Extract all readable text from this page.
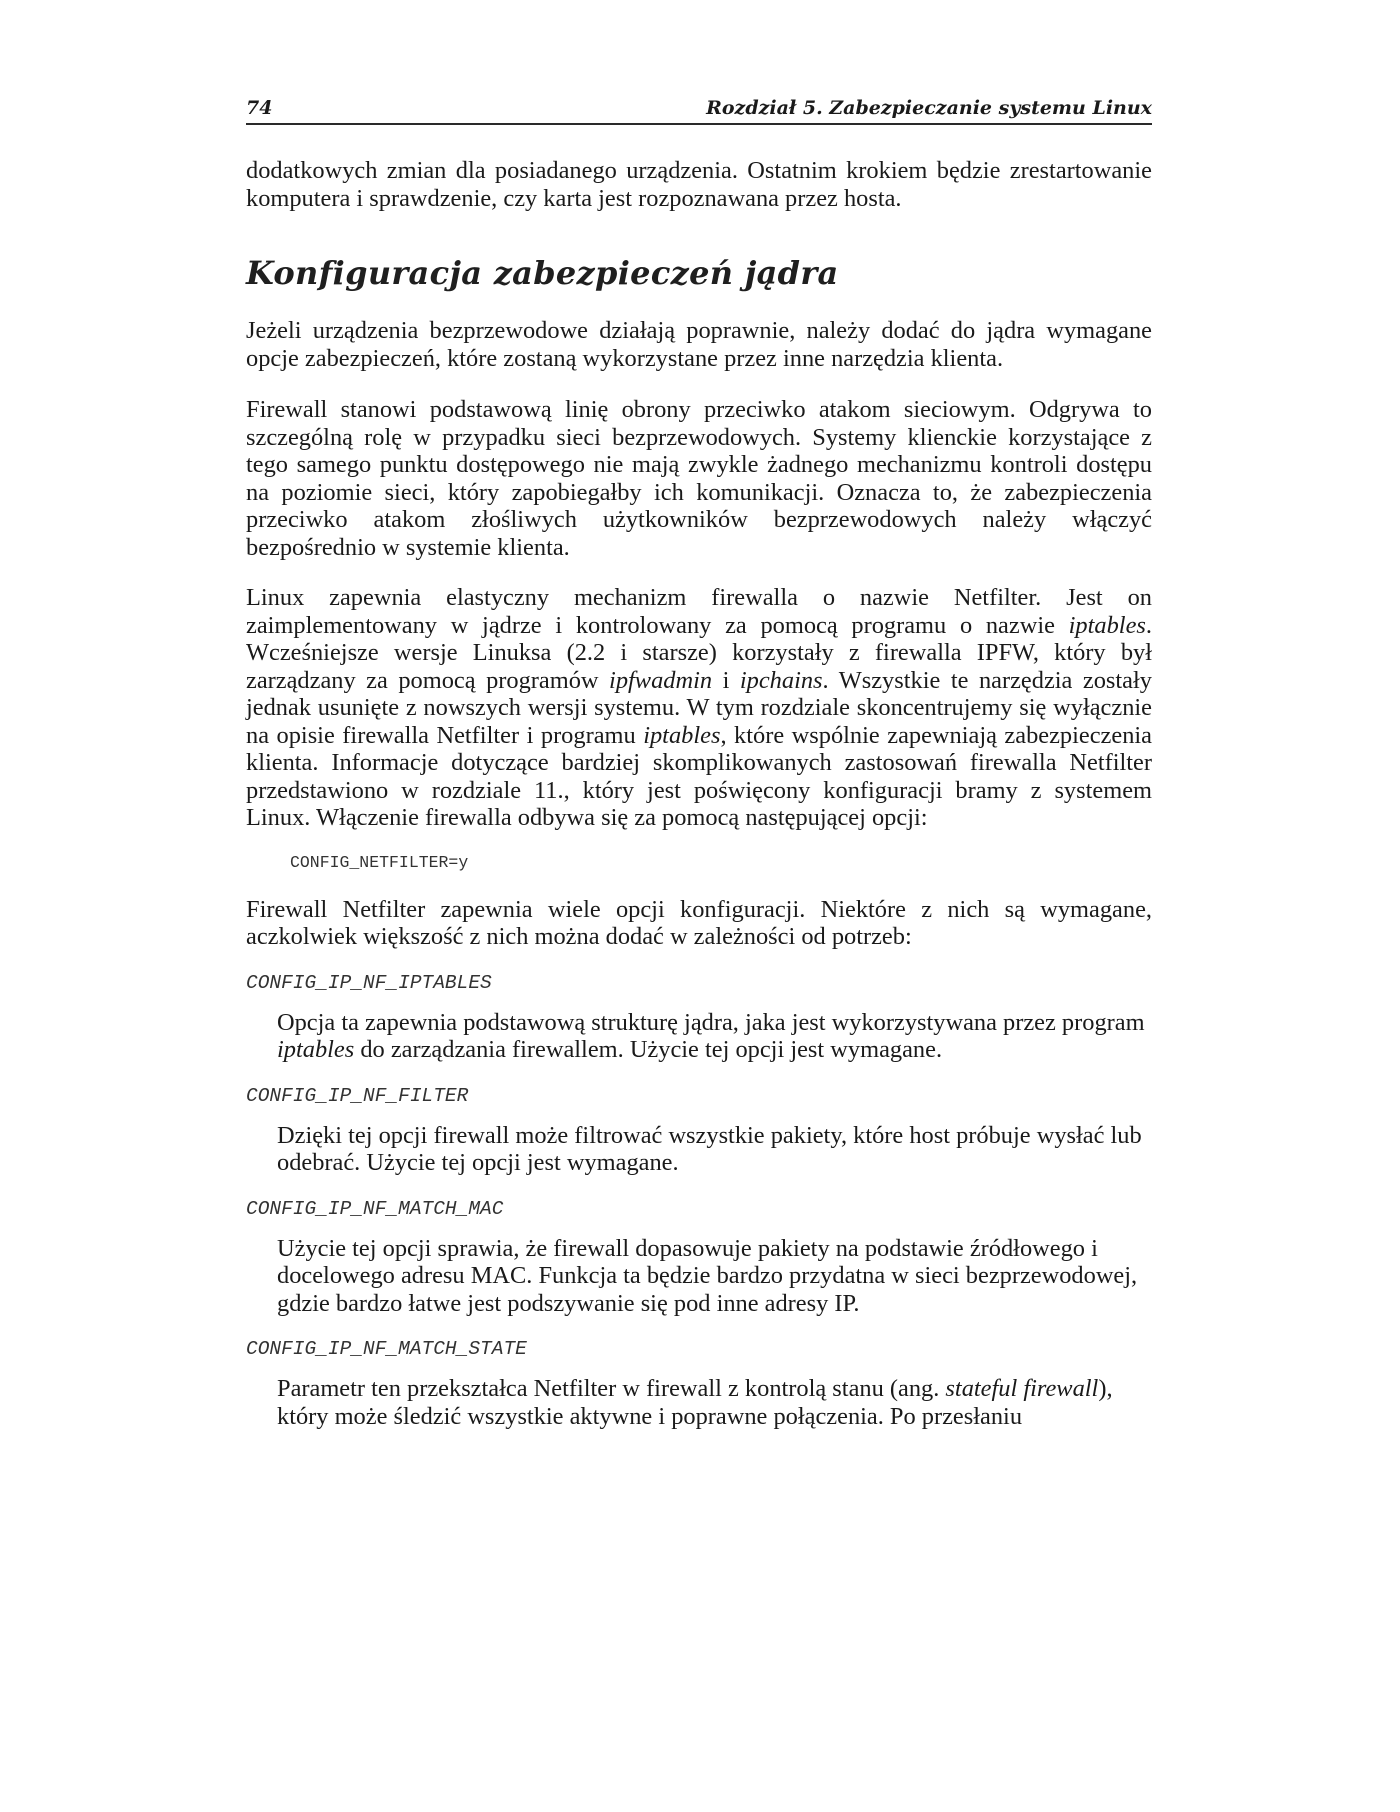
74	Rozdział 5. Zabezpieczanie systemu Linux

dodatkowych zmian dla posiadanego urządzenia. Ostatnim krokiem będzie zrestartowanie komputera i sprawdzenie, czy karta jest rozpoznawana przez hosta.

Konfiguracja zabezpieczeń jądra

Jeżeli urządzenia bezprzewodowe działają poprawnie, należy dodać do jądra wymagane opcje zabezpieczeń, które zostaną wykorzystane przez inne narzędzia klienta.

Firewall stanowi podstawową linię obrony przeciwko atakom sieciowym. Odgrywa to szczególną rolę w przypadku sieci bezprzewodowych. Systemy klienckie korzystające z tego samego punktu dostępowego nie mają zwykle żadnego mechanizmu kontroli dostępu na poziomie sieci, który zapobiegałby ich komunikacji. Oznacza to, że zabezpieczenia przeciwko atakom złośliwych użytkowników bezprzewodowych należy włączyć bezpośrednio w systemie klienta.

Linux zapewnia elastyczny mechanizm firewalla o nazwie Netfilter. Jest on zaimplementowany w jądrze i kontrolowany za pomocą programu o nazwie iptables. Wcześniejsze wersje Linuksa (2.2 i starsze) korzystały z firewalla IPFW, który był zarządzany za pomocą programów ipfwadmin i ipchains. Wszystkie te narzędzia zostały jednak usunięte z nowszych wersji systemu. W tym rozdziale skoncentrujemy się wyłącznie na opisie firewalla Netfilter i programu iptables, które wspólnie zapewniają zabezpieczenia klienta. Informacje dotyczące bardziej skomplikowanych zastosowań firewalla Netfilter przedstawiono w rozdziale 11., który jest poświęcony konfiguracji bramy z systemem Linux. Włączenie firewalla odbywa się za pomocą następującej opcji:

CONFIG_NETFILTER=y

Firewall Netfilter zapewnia wiele opcji konfiguracji. Niektóre z nich są wymagane, aczkolwiek większość z nich można dodać w zależności od potrzeb:

CONFIG_IP_NF_IPTABLES

Opcja ta zapewnia podstawową strukturę jądra, jaka jest wykorzystywana przez program iptables do zarządzania firewallem. Użycie tej opcji jest wymagane.

CONFIG_IP_NF_FILTER

Dzięki tej opcji firewall może filtrować wszystkie pakiety, które host próbuje wysłać lub odebrać. Użycie tej opcji jest wymagane.

CONFIG_IP_NF_MATCH_MAC

Użycie tej opcji sprawia, że firewall dopasowuje pakiety na podstawie źródłowego i docelowego adresu MAC. Funkcja ta będzie bardzo przydatna w sieci bezprzewodowej, gdzie bardzo łatwe jest podszywanie się pod inne adresy IP.

CONFIG_IP_NF_MATCH_STATE

Parametr ten przekształca Netfilter w firewall z kontrolą stanu (ang. stateful firewall), który może śledzić wszystkie aktywne i poprawne połączenia. Po przesłaniu
